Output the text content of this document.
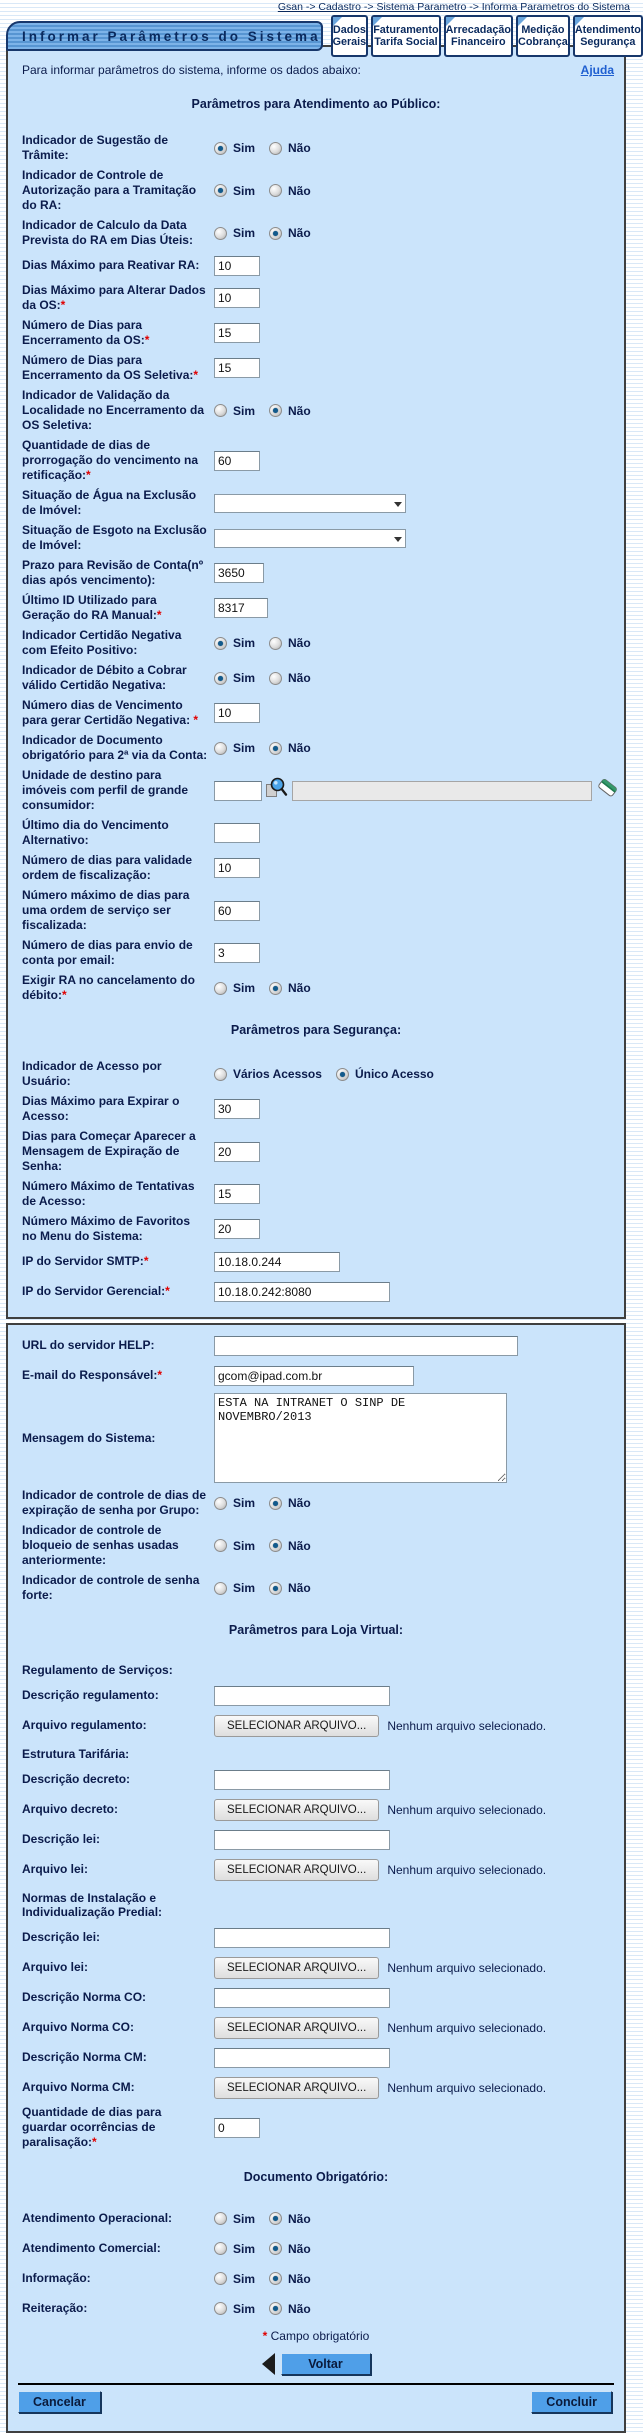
Gsan -> Cadastro -> Sistema Parametro -> Informa Parametros do Sistema
Informar Parâmetros do Sistema Dados
Gerais
Faturamento
Tarifa Social
Arrecadação
Financeiro
Medição
Cobrança
Atendimento
Segurança
Para informar parâmetros do sistema, informe os dados abaixo:	Ajuda
Parâmetros para Atendimento ao Público:
Indicador de Sugestão de Trâmite:	Sim	Não
Indicador de Controle de Autorização para a Tramitação do RA:
Sim	Não
Indicador de Calculo da Data Prevista do RA em Dias Úteis:	Sim	Não
Dias Máximo para Reativar RA:
10
Dias Máximo para Alterar Dados da OS:*
10
Número de Dias para Encerramento da OS:*
15
Número de Dias para Encerramento da OS Seletiva:*
15
Indicador de Validação da Localidade no Encerramento da OS Seletiva:
Sim	Não
Quantidade de dias de prorrogação do vencimento na retificação:*
60
Situação de Água na Exclusão de Imóvel:
Situação de Esgoto na Exclusão de Imóvel:
Prazo para Revisão de Conta(nº dias após vencimento):
3650
Último ID Utilizado para Geração do RA Manual:*
8317
Indicador Certidão Negativa com Efeito Positivo:	Sim	Não
Indicador de Débito a Cobrar válido Certidão Negativa:	Sim	Não
Número dias de Vencimento para gerar Certidão Negativa: *
10
Indicador de Documento obrigatório para 2ª via da Conta: Sim	Não
Unidade de destino para imóveis com perfil de grande consumidor:
Último dia do Vencimento Alternativo:
Número de dias para validade ordem de fiscalização:
10
Número máximo de dias para uma ordem de serviço ser fiscalizada:
60
Número de dias para envio de conta por email:
3
Exigir RA no cancelamento do débito:*	Sim	Não
Parâmetros para Segurança:
Indicador de Acesso por Usuário:	Vários Acessos	Único Acesso
Dias Máximo para Expirar o Acesso:
30
Dias para Começar Aparecer a Mensagem de Expiração de Senha:
20
Número Máximo de Tentativas de Acesso:
15
Número Máximo de Favoritos no Menu do Sistema:
20
IP do Servidor SMTP:*
10.18.0.244
IP do Servidor Gerencial:*
10.18.0.242:8080
URL do servidor HELP:
E-mail do Responsável:*
gcom@ipad.com.br
Mensagem do Sistema:
ESTA NA INTRANET O SINP DE NOVEMBRO/2013
Indicador de controle de dias de expiração de senha por Grupo:	Sim	Não
Indicador de controle de bloqueio de senhas usadas anteriormente:
Sim	Não
Indicador de controle de senha forte:	Sim	Não
Parâmetros para Loja Virtual:
Regulamento de Serviços:
Descrição regulamento:
Arquivo regulamento:	SELECIONAR ARQUIVO...	Nenhum arquivo selecionado.
Estrutura Tarifária:
Descrição decreto:
Arquivo decreto:	SELECIONAR ARQUIVO...	Nenhum arquivo selecionado.
Descrição lei:
Arquivo lei:	SELECIONAR ARQUIVO...	Nenhum arquivo selecionado.
Normas de Instalação e Individualização Predial:
Descrição lei:
Arquivo lei:	SELECIONAR ARQUIVO...	Nenhum arquivo selecionado.
Descrição Norma CO:
Arquivo Norma CO:	SELECIONAR ARQUIVO...	Nenhum arquivo selecionado.
Descrição Norma CM:
Arquivo Norma CM:	SELECIONAR ARQUIVO...	Nenhum arquivo selecionado.
Quantidade de dias para guardar ocorrências de paralisação:*
0
Documento Obrigatório:
Atendimento Operacional:	Sim	Não
Atendimento Comercial:	Sim	Não
Informação:	Sim	Não
Reiteração:	Sim	Não
* Campo obrigatório
Voltar
Cancelar	Concluir
